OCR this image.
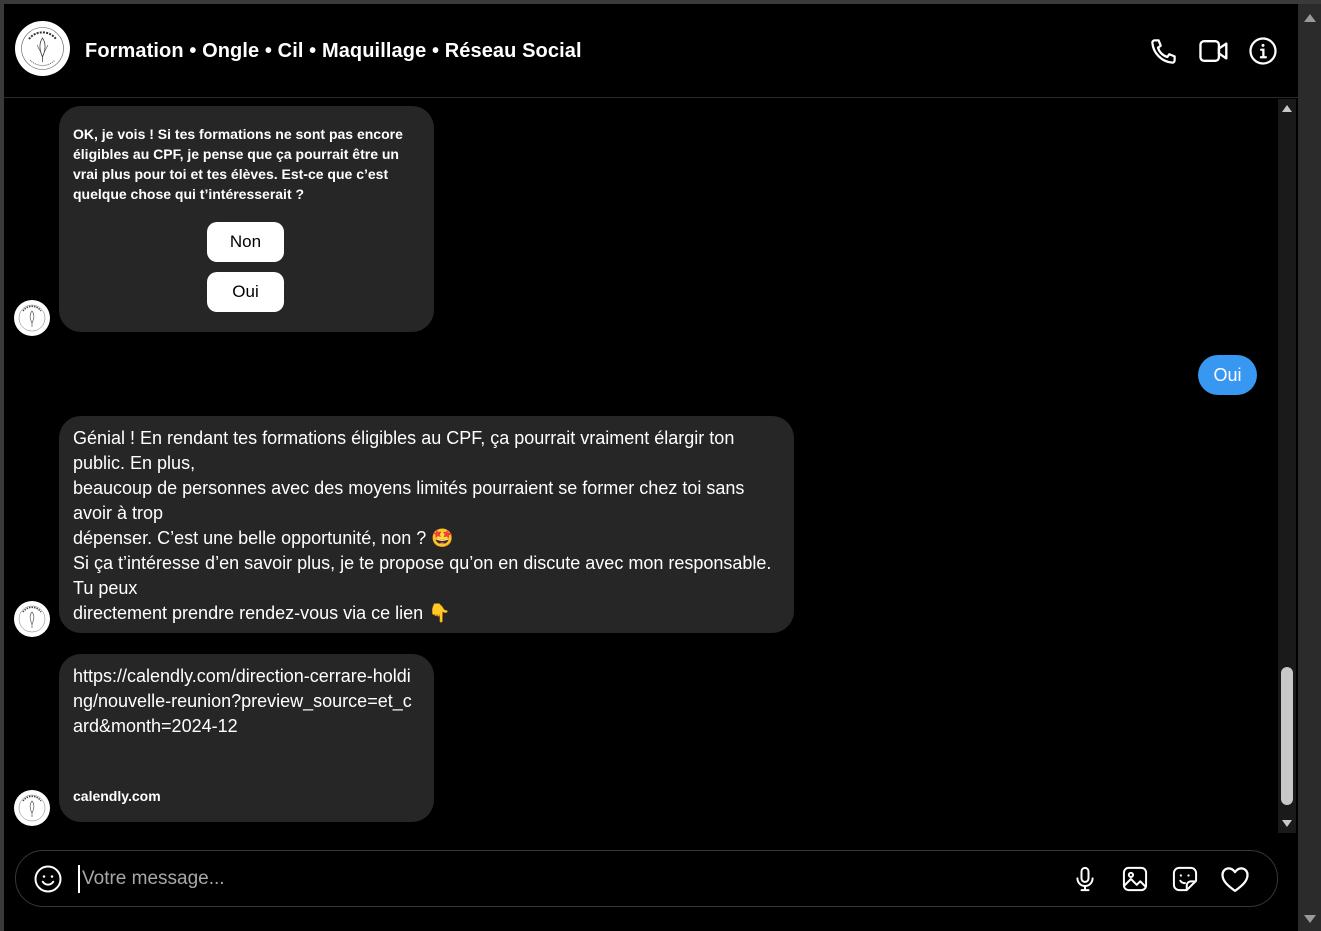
Formation • Ongle • Cil • Maquillage • Réseau Social
OK, je vois ! Si tes formations ne sont pas encore éligibles au CPF, je pense que ça pourrait être un vrai plus pour toi et tes élèves. Est-ce que c’est quelque chose qui t’intéresserait ?
Non
Oui
Oui
Génial ! En rendant tes formations éligibles au CPF, ça pourrait vraiment élargir ton public. En plus,
beaucoup de personnes avec des moyens limités pourraient se former chez toi sans avoir à trop
dépenser. C’est une belle opportunité, non ? 🤩
Si ça t’intéresse d’en savoir plus, je te propose qu’on en discute avec mon responsable. Tu peux
directement prendre rendez-vous via ce lien 👇
https://calendly.com/direction-cerrare-holding/nouvelle-reunion?preview_source=et_card&month=2024-12
calendly.com
Votre message...
